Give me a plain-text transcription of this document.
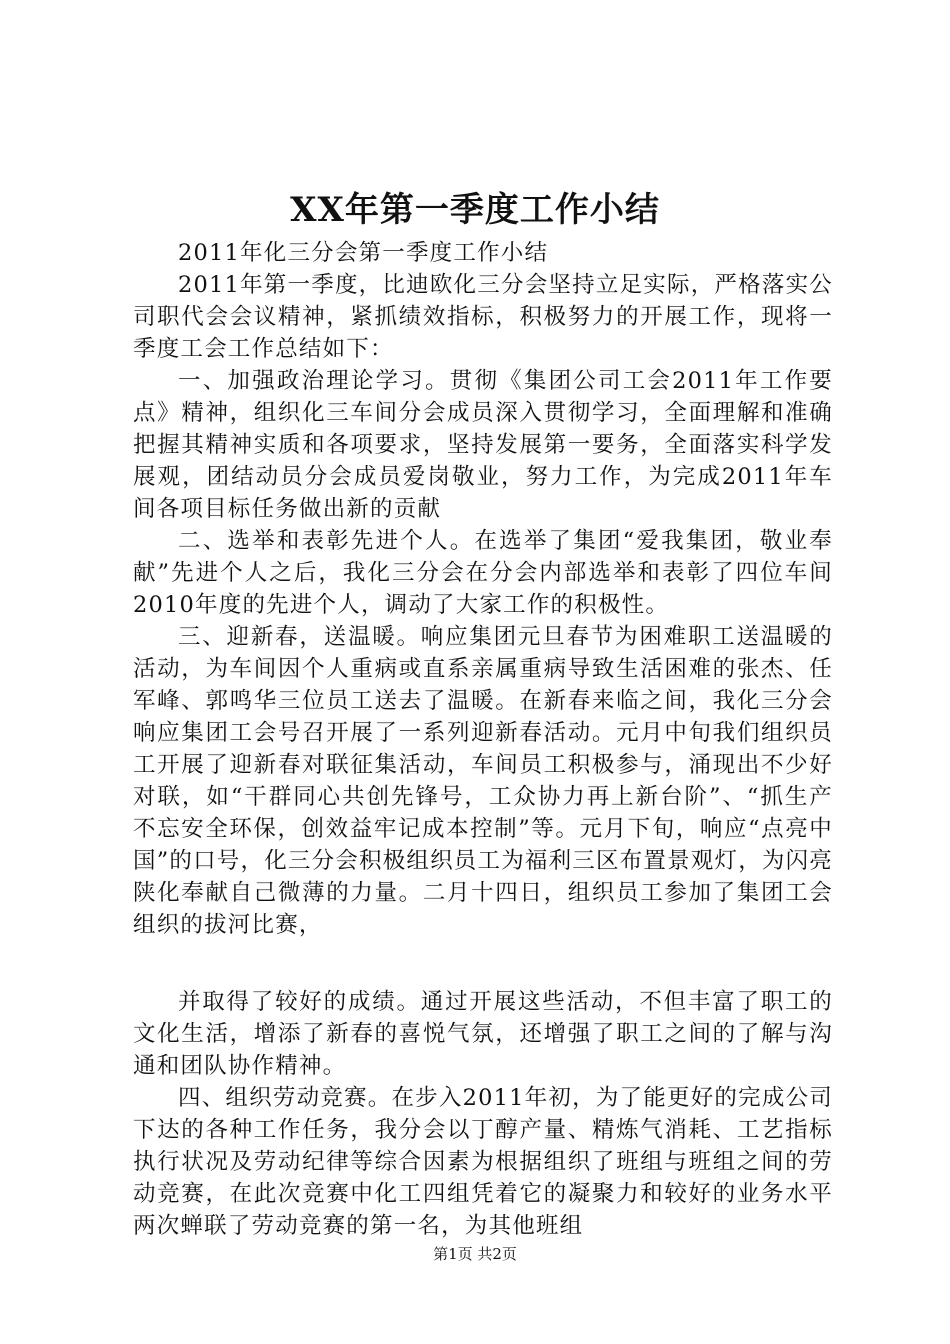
XX年第一季度工作小结

2011年化三分会第一季度工作小结

2011年第一季度，比迪欧化三分会坚持立足实际，严格落实公司职代会会议精神，紧抓绩效指标，积极努力的开展工作，现将一季度工会工作总结如下：

一、加强政治理论学习。贯彻《集团公司工会2011年工作要点》精神，组织化三车间分会成员深入贯彻学习，全面理解和准确把握其精神实质和各项要求，坚持发展第一要务，全面落实科学发展观，团结动员分会成员爱岗敬业，努力工作，为完成2011年车间各项目标任务做出新的贡献

二、选举和表彰先进个人。在选举了集团“爱我集团，敬业奉献”先进个人之后，我化三分会在分会内部选举和表彰了四位车间2010年度的先进个人，调动了大家工作的积极性。

三、迎新春，送温暖。响应集团元旦春节为困难职工送温暖的活动，为车间因个人重病或直系亲属重病导致生活困难的张杰、任军峰、郭鸣华三位员工送去了温暖。在新春来临之间，我化三分会响应集团工会号召开展了一系列迎新春活动。元月中旬我们组织员工开展了迎新春对联征集活动，车间员工积极参与，涌现出不少好对联，如“干群同心共创先锋号，工众协力再上新台阶”、“抓生产不忘安全环保，创效益牢记成本控制”等。元月下旬，响应“点亮中国”的口号，化三分会积极组织员工为福利三区布置景观灯，为闪亮陕化奉献自己微薄的力量。二月十四日，组织员工参加了集团工会组织的拔河比赛，

并取得了较好的成绩。通过开展这些活动，不但丰富了职工的文化生活，增添了新春的喜悦气氛，还增强了职工之间的了解与沟通和团队协作精神。

四、组织劳动竞赛。在步入2011年初，为了能更好的完成公司下达的各种工作任务，我分会以丁醇产量、精炼气消耗、工艺指标执行状况及劳动纪律等综合因素为根据组织了班组与班组之间的劳动竞赛，在此次竞赛中化工四组凭着它的凝聚力和较好的业务水平两次蝉联了劳动竞赛的第一名，为其他班组

第1页 共2页
